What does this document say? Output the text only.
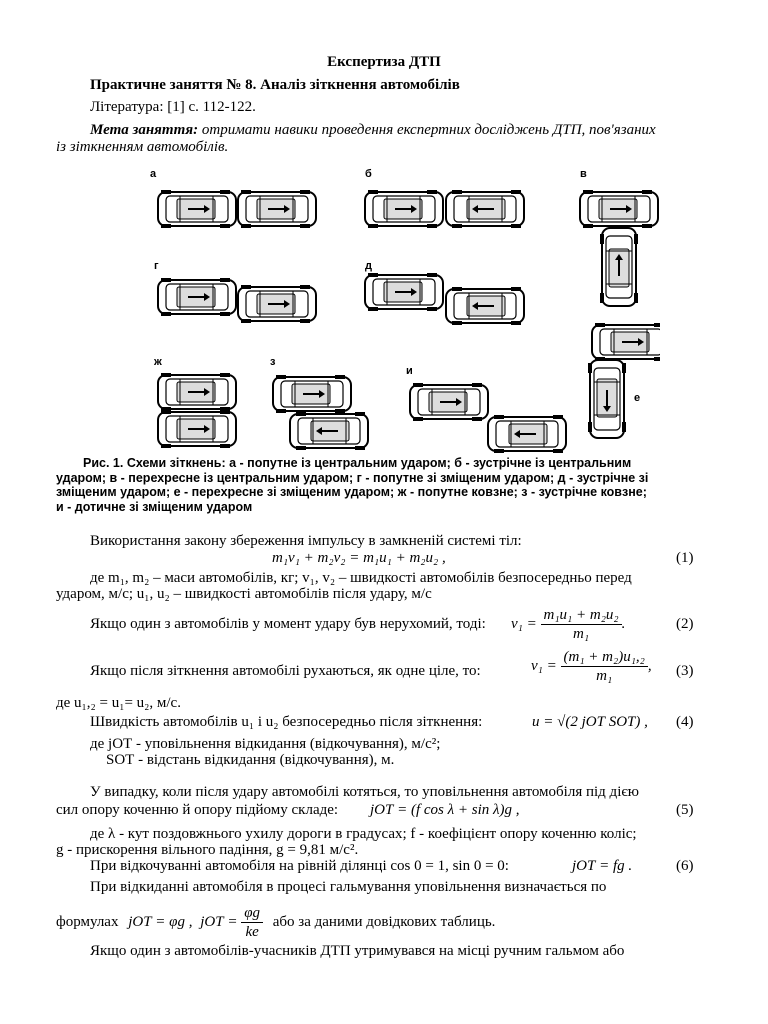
Експертиза ДТП
Практичне заняття № 8. Аналіз зіткнення автомобілів
Література: [1] с. 112-122.
Мета заняття: отримати навики проведення експертних досліджень ДТП, пов'язаних
із зіткненням автомобілів.
а	б	в
г	д
е
ж	з
и
Рис. 1. Схеми зіткнень: а - попутне із центральним ударом; б - зустрічне із центральним
ударом; в - перехресне із центральним ударом; г - попутне зі зміщеним ударом; д - зустрічне зі
зміщеним ударом; е - перехресне зі зміщеним ударом; ж - попутне ковзне; з - зустрічне ковзне;
и - дотичне зі зміщеним ударом
Використання закону збереження імпульсу в замкненій системі тіл:
m₁v₁ + m₂v₂ = m₁u₁ + m₂u₂ ,	(1)
де m₁, m₂ – маси автомобілів, кг; v₁, v₂ – швидкості автомобілів безпосередньо перед
ударом, м/с; u₁, u₂ – швидкості автомобілів після удару, м/с
Якщо один з автомобілів у момент удару був нерухомий, тоді: $v_1 = \frac{\text{m₁u₁ + m₂u₂}}{\text{m₁}}$ .	(2)
Якщо після зіткнення автомобілі рухаються, як одне ціле, то:	$v_1 = \frac{\text{(m₁ + m₂)u₁,₂}}{\text{m₁}}$ , (3)
де u₁,₂ = u₁= u₂, м/с.
Швидкість автомобілів u₁ і u₂ безпосередньо після зіткнення:	u = √(2 jОТ SОТ) , (4)
де jОТ - уповільнення відкидання (відкочування), м/с²;
SОТ - відстань відкидання (відкочування), м.
У випадку, коли після удару автомобілі котяться, то уповільнення автомобіля під дією
сил опору коченню й опору підйому складе: jОТ = (f cos λ + sin λ)g ,	(5)
де λ - кут поздовжнього ухилу дороги в градусах; f - коефіцієнт опору коченню коліс;
g - прискорення вільного падіння, g = 9,81 м/с².
При відкочуванні автомобіля на рівній ділянці cos 0 = 1, sin 0 = 0:	jОТ = fg .	(6)
При відкиданні автомобіля в процесі гальмування уповільнення визначається по
формулах jОТ = φg , jОТ = $\frac{\varphi g}{kе}$ або за даними довідкових таблиць.
Якщо один з автомобілів-учасників ДТП утримувався на місці ручним гальмом або
